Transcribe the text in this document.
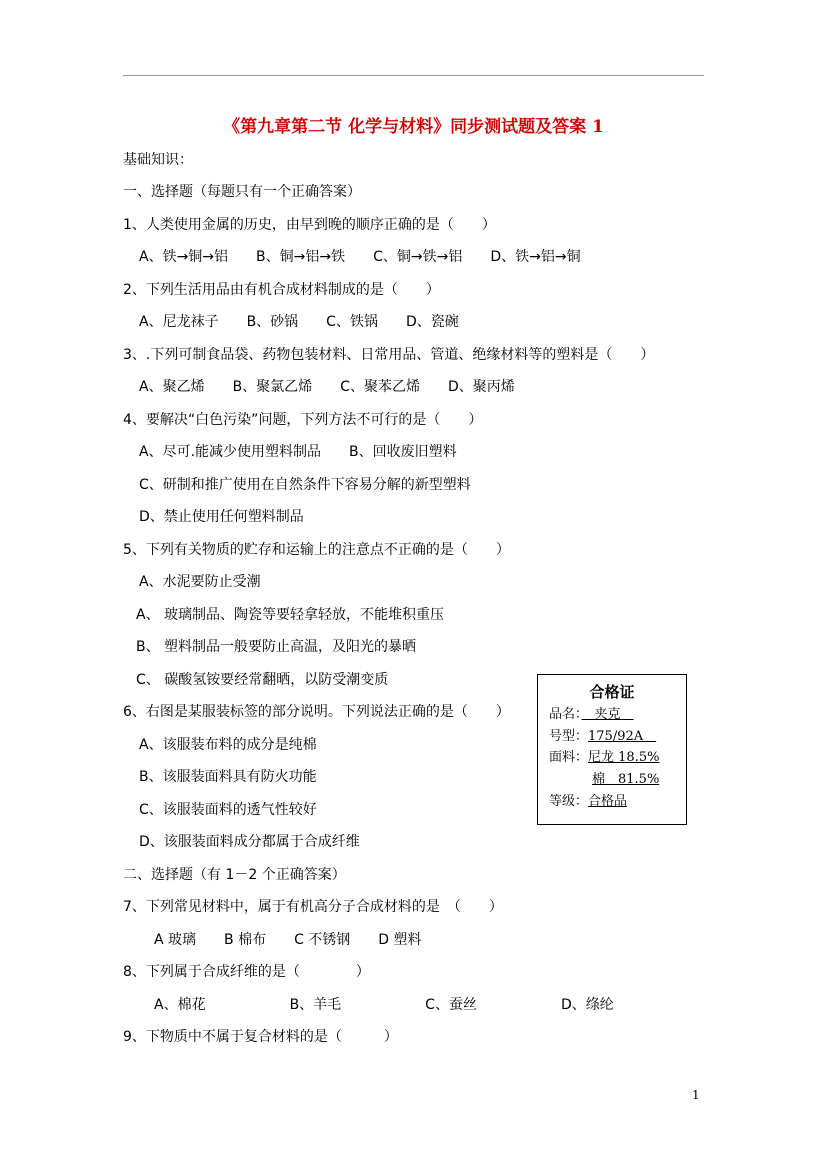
《第九章第二节 化学与材料》同步测试题及答案 1
基础知识：
一、选择题（每题只有一个正确答案）
1、人类使用金属的历史，由早到晚的顺序正确的是（　　）
A、铁→铜→铝　　B、铜→铝→铁　　C、铜→铁→铝　　D、铁→铝→铜
2、下列生活用品由有机合成材料制成的是（　　）
A、尼龙袜子　　B、砂锅　　C、铁锅　　D、瓷碗
3、.下列可制食品袋、药物包装材料、日常用品、管道、绝缘材料等的塑料是（　　）
A、聚乙烯　　B、聚氯乙烯　　C、聚苯乙烯　　D、聚丙烯
4、要解决“白色污染”问题，下列方法不可行的是（　　）
A、尽可.能减少使用塑料制品　　B、回收废旧塑料
C、研制和推广使用在自然条件下容易分解的新型塑料
D、禁止使用任何塑料制品
5、下列有关物质的贮存和运输上的注意点不正确的是（　　）
A、水泥要防止受潮
A、 玻璃制品、陶瓷等要轻拿轻放，不能堆积重压
B、 塑料制品一般要防止高温，及阳光的暴晒
C、 碳酸氢铵要经常翻晒，以防受潮变质
6、右图是某服装标签的部分说明。下列说法正确的是（　　）
A、该服装布料的成分是纯棉
B、该服装面料具有防火功能
C、该服装面料的透气性较好
D、该服装面料成分都属于合成纤维
二、选择题（有 1－2 个正确答案）
7、下列常见材料中，属于有机高分子合成材料的是　（　　）
A 玻璃　　B 棉布　　C 不锈钢　　D 塑料
8、下列属于合成纤维的是（　　　　）
A、棉花　　　　　　B、羊毛　　　　　　C、蚕丝　　　　　　D、绦纶
9、下物质中不属于复合材料的是（　　　）
合格证
品名：　夹克　
号型：175/92A　
面料：尼龙 18.5%
棉　81.5%
等级：合格品
1
